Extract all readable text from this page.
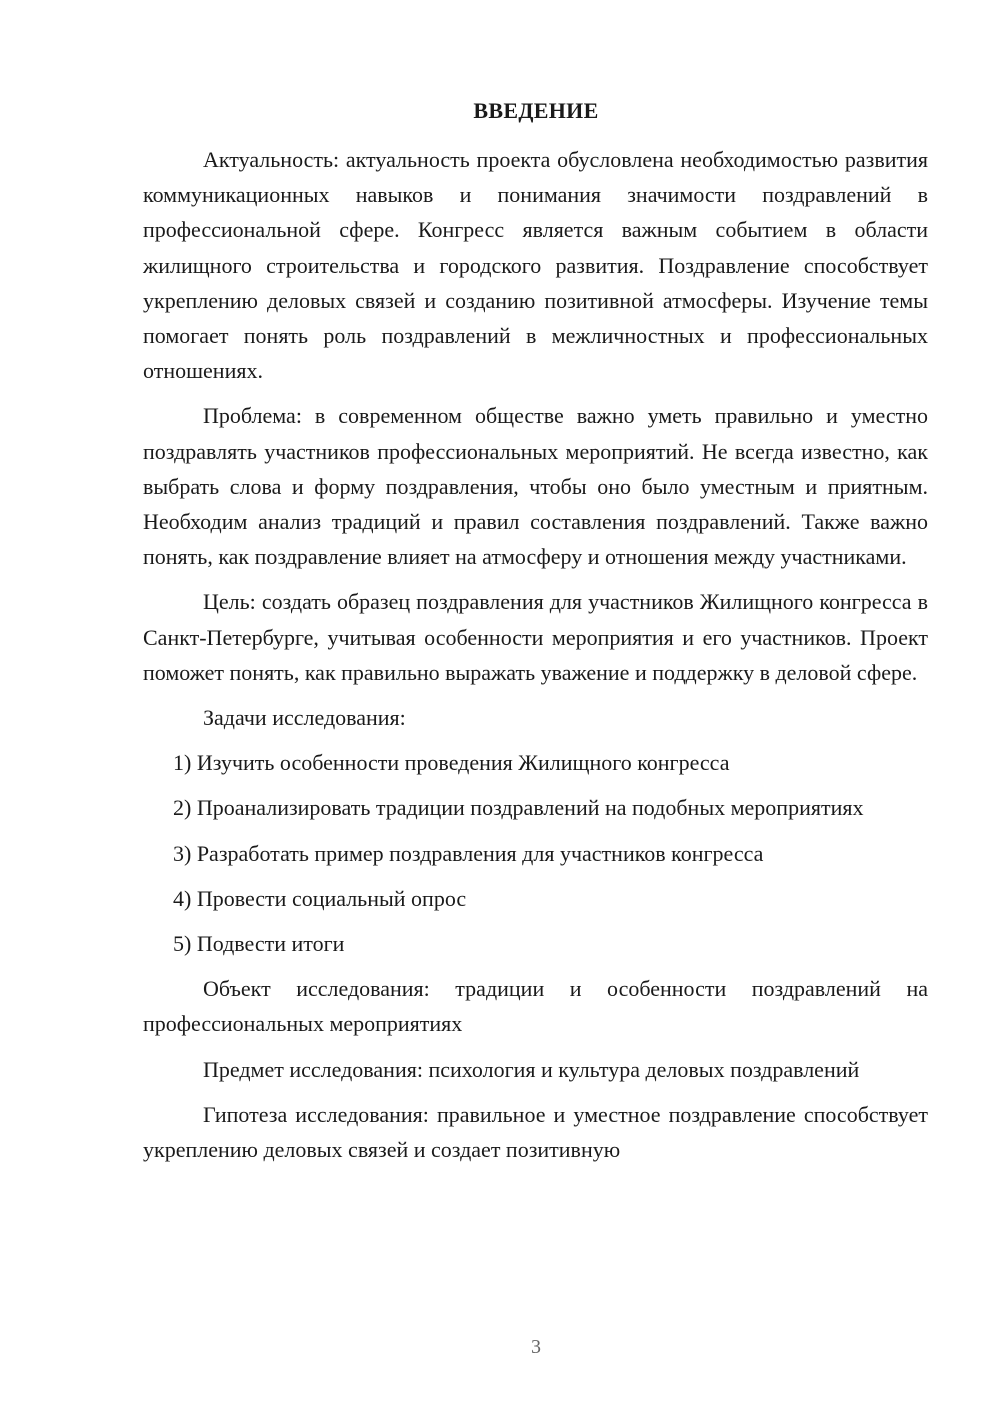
ВВЕДЕНИЕ

Актуальность: актуальность проекта обусловлена необходимостью развития коммуникационных навыков и понимания значимости поздравлений в профессиональной сфере. Конгресс является важным событием в области жилищного строительства и городского развития. Поздравление способствует укреплению деловых связей и созданию позитивной атмосферы. Изучение темы помогает понять роль поздравлений в межличностных и профессиональных отношениях.

Проблема: в современном обществе важно уметь правильно и уместно поздравлять участников профессиональных мероприятий. Не всегда известно, как выбрать слова и форму поздравления, чтобы оно было уместным и приятным. Необходим анализ традиций и правил составления поздравлений. Также важно понять, как поздравление влияет на атмосферу и отношения между участниками.

Цель: создать образец поздравления для участников Жилищного конгресса в Санкт-Петербурге, учитывая особенности мероприятия и его участников. Проект поможет понять, как правильно выражать уважение и поддержку в деловой сфере.

Задачи исследования:

1) Изучить особенности проведения Жилищного конгресса

2) Проанализировать традиции поздравлений на подобных мероприятиях

3) Разработать пример поздравления для участников конгресса

4) Провести социальный опрос

5) Подвести итоги

Объект исследования: традиции и особенности поздравлений на профессиональных мероприятиях

Предмет исследования: психология и культура деловых поздравлений

Гипотеза исследования: правильное и уместное поздравление способствует укреплению деловых связей и создает позитивную

3
